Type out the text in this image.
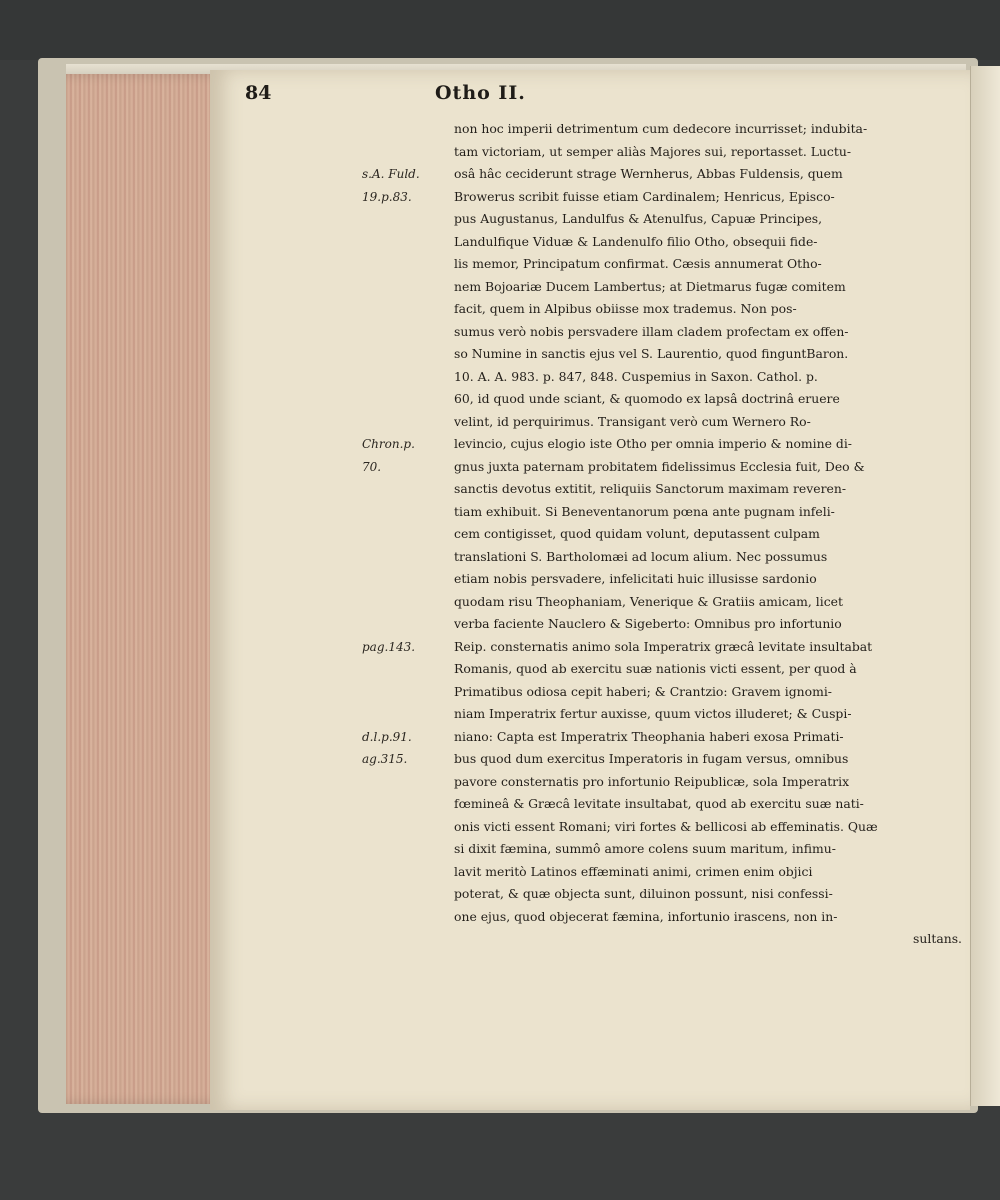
84	Otho II.
s.A. Fuld.
19.p.83.
Chron.p.
70.
pag.143.
d.l.p.91.
ag.315.
non hoc imperii detrimentum cum dedecore incurrisset; indubita-
tam victoriam, ut semper aliàs Majores sui, reportasset. Luctu-
osâ hâc ceciderunt strage Wernherus, Abbas Fuldensis, quem
Browerus scribit fuisse etiam Cardinalem; Henricus, Episco-
pus Augustanus, Landulfus & Atenulfus, Capuæ Principes,
Landulfique Viduæ & Landenulfo filio Otho, obsequii fide-
lis memor, Principatum confirmat. Cæsis annumerat Otho-
nem Bojoariæ Ducem Lambertus; at Dietmarus fugæ comitem
facit, quem in Alpibus obiisse mox trademus. Non pos-
sumus verò nobis persvadere illam cladem profectam ex offen-
so Numine in sanctis ejus vel S. Laurentio, quod finguntBaron.
10. A. A. 983. p. 847, 848. Cuspemius in Saxon. Cathol. p.
60, id quod unde sciant, & quomodo ex lapsâ doctrinâ eruere
velint, id perquirimus. Transigant verò cum Wernero Ro-
levincio, cujus elogio iste Otho per omnia imperio & nomine di-
gnus juxta paternam probitatem fidelissimus Ecclesia fuit, Deo &
sanctis devotus extitit, reliquiis Sanctorum maximam reveren-
tiam exhibuit. Si Beneventanorum pœna ante pugnam infeli-
cem contigisset, quod quidam volunt, deputassent culpam
translationi S. Bartholomæi ad locum alium. Nec possumus
etiam nobis persvadere, infelicitati huic illusisse sardonio
quodam risu Theophaniam, Venerique & Gratiis amicam, licet
verba faciente Nauclero & Sigeberto: Omnibus pro infortunio
Reip. consternatis animo sola Imperatrix græcâ levitate insultabat
Romanis, quod ab exercitu suæ nationis victi essent, per quod à
Primatibus odiosa cepit haberi; & Crantzio: Gravem ignomi-
niam Imperatrix fertur auxisse, quum victos illuderet; & Cuspi-
niano: Capta est Imperatrix Theophania haberi exosa Primati-
bus quod dum exercitus Imperatoris in fugam versus, omnibus
pavore consternatis pro infortunio Reipublicæ, sola Imperatrix
fœmineâ & Græcâ levitate insultabat, quod ab exercitu suæ nati-
onis victi essent Romani; viri fortes & bellicosi ab effeminatis. Quæ
si dixit fæmina, summô amore colens suum maritum, infimu-
lavit meritò Latinos effæminati animi, crimen enim objici
poterat, & quæ objecta sunt, diluinon possunt, nisi confessi-
one ejus, quod objecerat fæmina, infortunio irascens, non in-
sultans.
